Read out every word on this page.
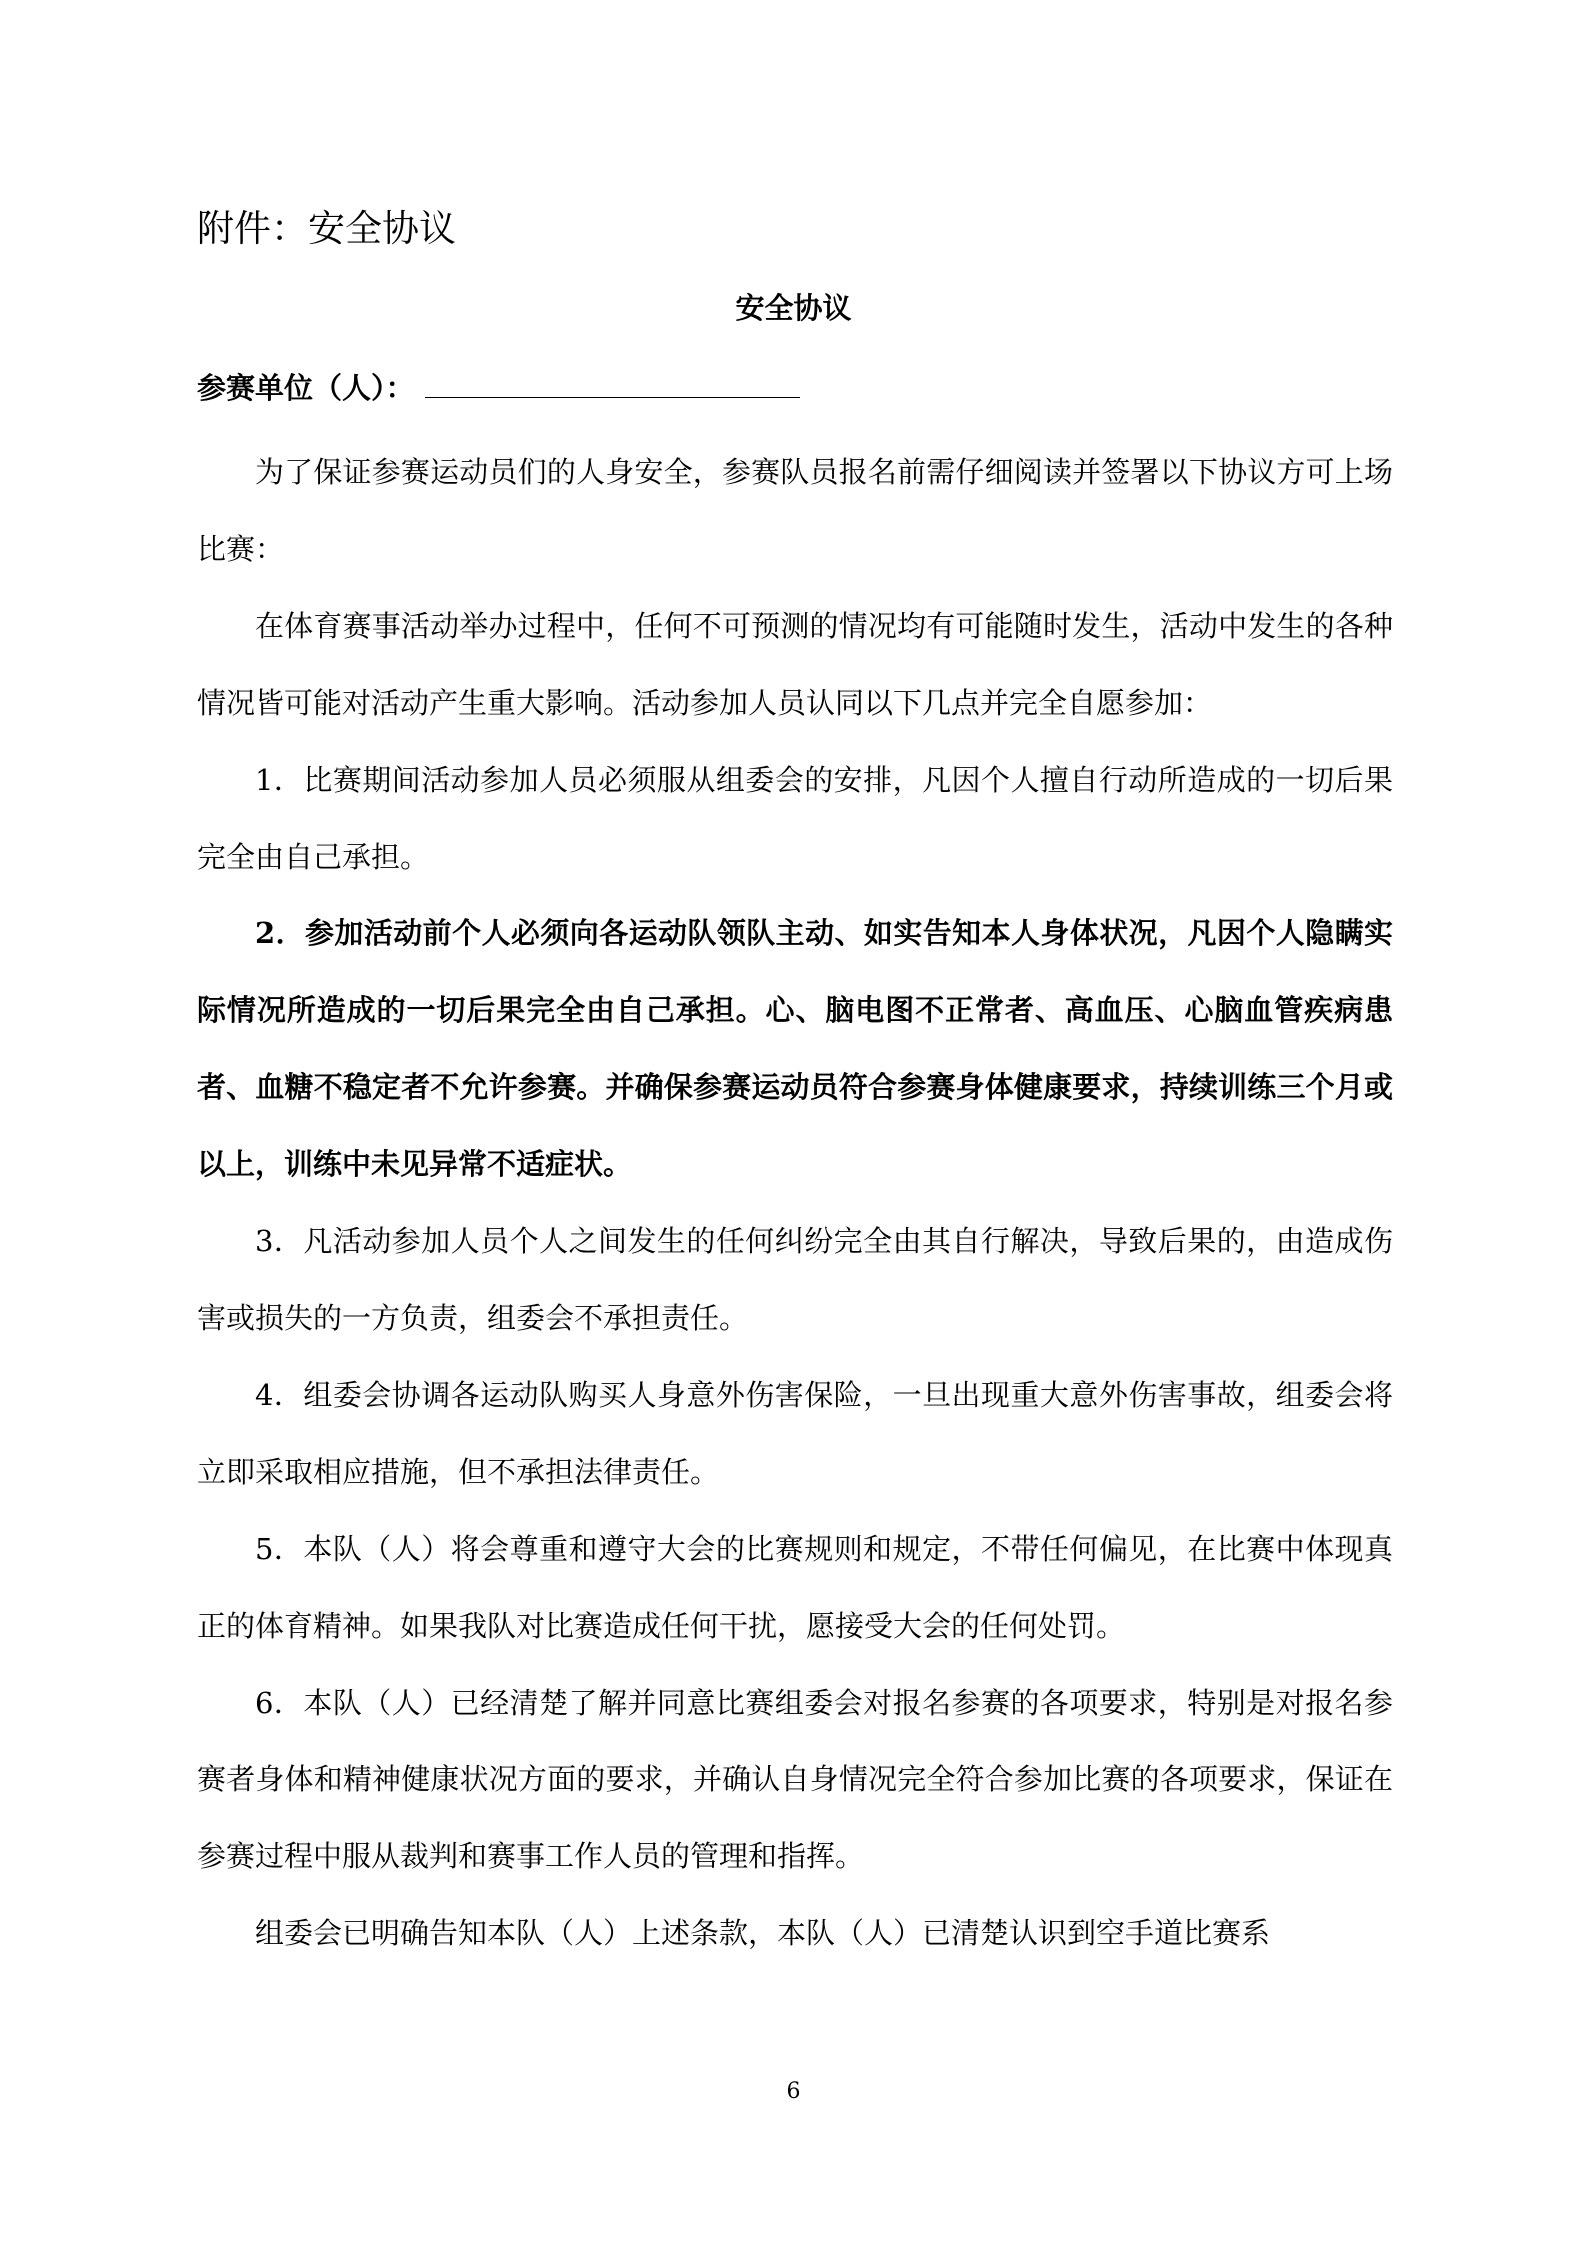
附件：安全协议
安全协议
参赛单位（人）：

为了保证参赛运动员们的人身安全，参赛队员报名前需仔细阅读并签署以下协议方可上场比赛：

在体育赛事活动举办过程中，任何不可预测的情况均有可能随时发生，活动中发生的各种情况皆可能对活动产生重大影响。活动参加人员认同以下几点并完全自愿参加：

1．比赛期间活动参加人员必须服从组委会的安排，凡因个人擅自行动所造成的一切后果完全由自己承担。

2．参加活动前个人必须向各运动队领队主动、如实告知本人身体状况，凡因个人隐瞒实际情况所造成的一切后果完全由自己承担。心、脑电图不正常者、高血压、心脑血管疾病患者、血糖不稳定者不允许参赛。并确保参赛运动员符合参赛身体健康要求，持续训练三个月或以上，训练中未见异常不适症状。

3．凡活动参加人员个人之间发生的任何纠纷完全由其自行解决，导致后果的，由造成伤害或损失的一方负责，组委会不承担责任。

4．组委会协调各运动队购买人身意外伤害保险，一旦出现重大意外伤害事故，组委会将立即采取相应措施，但不承担法律责任。

5．本队（人）将会尊重和遵守大会的比赛规则和规定，不带任何偏见，在比赛中体现真正的体育精神。如果我队对比赛造成任何干扰，愿接受大会的任何处罚。

6．本队（人）已经清楚了解并同意比赛组委会对报名参赛的各项要求，特别是对报名参赛者身体和精神健康状况方面的要求，并确认自身情况完全符合参加比赛的各项要求，保证在参赛过程中服从裁判和赛事工作人员的管理和指挥。

组委会已明确告知本队（人）上述条款，本队（人）已清楚认识到空手道比赛系

6
